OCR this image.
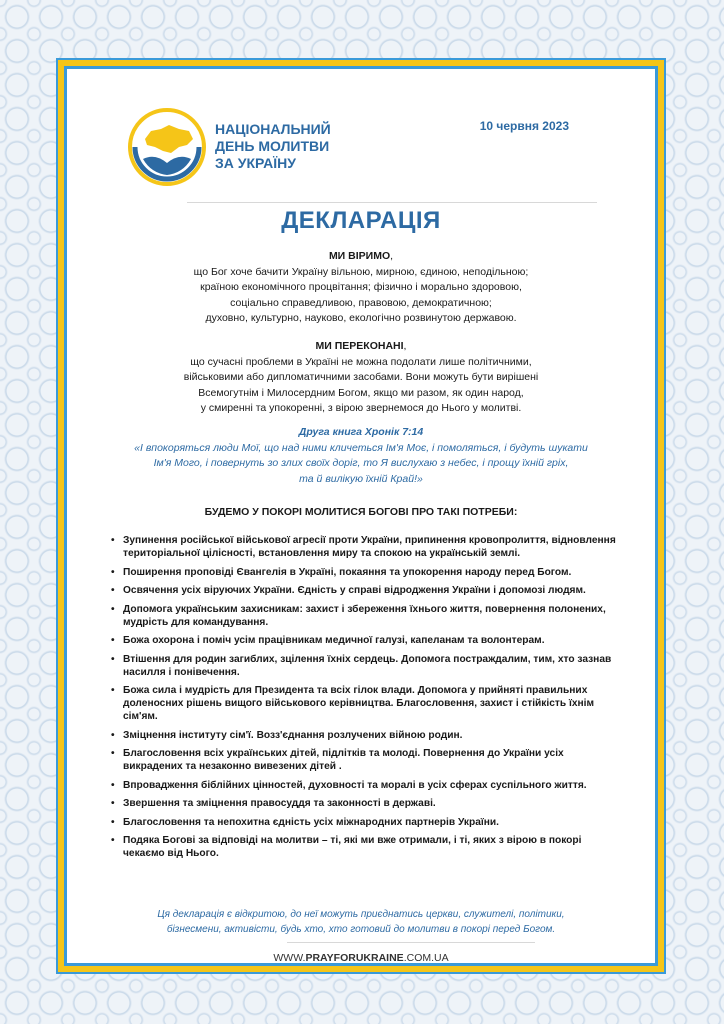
НАЦІОНАЛЬНИЙ
ДЕНЬ МОЛИТВИ
ЗА УКРАЇНУ
10 червня 2023
ДЕКЛАРАЦІЯ
МИ ВІРИМО,
що Бог хоче бачити Україну вільною, мирною, єдиною, неподільною;
країною економічного процвітання; фізично і морально здоровою,
соціально справедливою, правовою, демократичною;
духовно, культурно, науково, екологічно розвинутою державою.
МИ ПЕРЕКОНАНІ,
що сучасні проблеми в Україні не можна подолати лише політичними,
військовими або дипломатичними засобами. Вони можуть бути вирішені
Всемогутнім і Милосердним Богом, якщо ми разом, як один народ,
у смиренні та упокоренні, з вірою звернемося до Нього у молитві.
Друга книга Хронік 7:14
«І впокоряться люди Мої, що над ними кличеться Ім'я Моє, і помоляться, і будуть шукати
Ім'я Мого, і повернуть зо злих своїх доріг, то Я вислухаю з небес, і прощу їхній гріх,
та й вилікую їхній Край!»
БУДЕМО У ПОКОРІ МОЛИТИСЯ БОГОВІ ПРО ТАКІ ПОТРЕБИ:
• Зупинення російської військової агресії проти України, припинення кровопролиття, відновлення територіальної цілісності, встановлення миру та спокою на українській землі.
• Поширення проповіді Євангелія в Україні, покаяння та упокорення народу перед Богом.
• Освячення усіх віруючих України. Єдність у справі відродження України і допомозі людям.
• Допомога українським захисникам: захист і збереження їхнього життя, повернення полонених, мудрість для командування.
• Божа охорона і поміч усім працівникам медичної галузі, капеланам та волонтерам.
• Втішення для родин загиблих, зцілення їхніх сердець. Допомога постраждалим, тим, хто зазнав насилля і понівечення.
• Божа сила і мудрість для Президента та всіх гілок влади. Допомога у прийняті правильних доленосних рішень вищого військового керівництва. Благословення, захист і стійкість їхнім сім'ям.
• Зміцнення інституту сім'ї. Возз'єднання розлучених війною родин.
• Благословення всіх українських дітей, підлітків та молоді. Повернення до України усіх викрадених та незаконно вивезених дітей .
• Впровадження біблійних цінностей, духовності та моралі в усіх сферах суспільного життя.
• Звершення та зміцнення правосуддя та законності в державі.
• Благословення та непохитна єдність усіх міжнародних партнерів України.
• Подяка Богові за відповіді на молитви – ті, які ми вже отримали, і ті, яких з вірою в покорі чекаємо від Нього.
Ця декларація є відкритою, до неї можуть приєднатись церкви, служителі, політики,
бізнесмени, активісти, будь хто, хто готовий до молитви в покорі перед Богом.
WWW.PRAYFORUKRAINE.COM.UA
